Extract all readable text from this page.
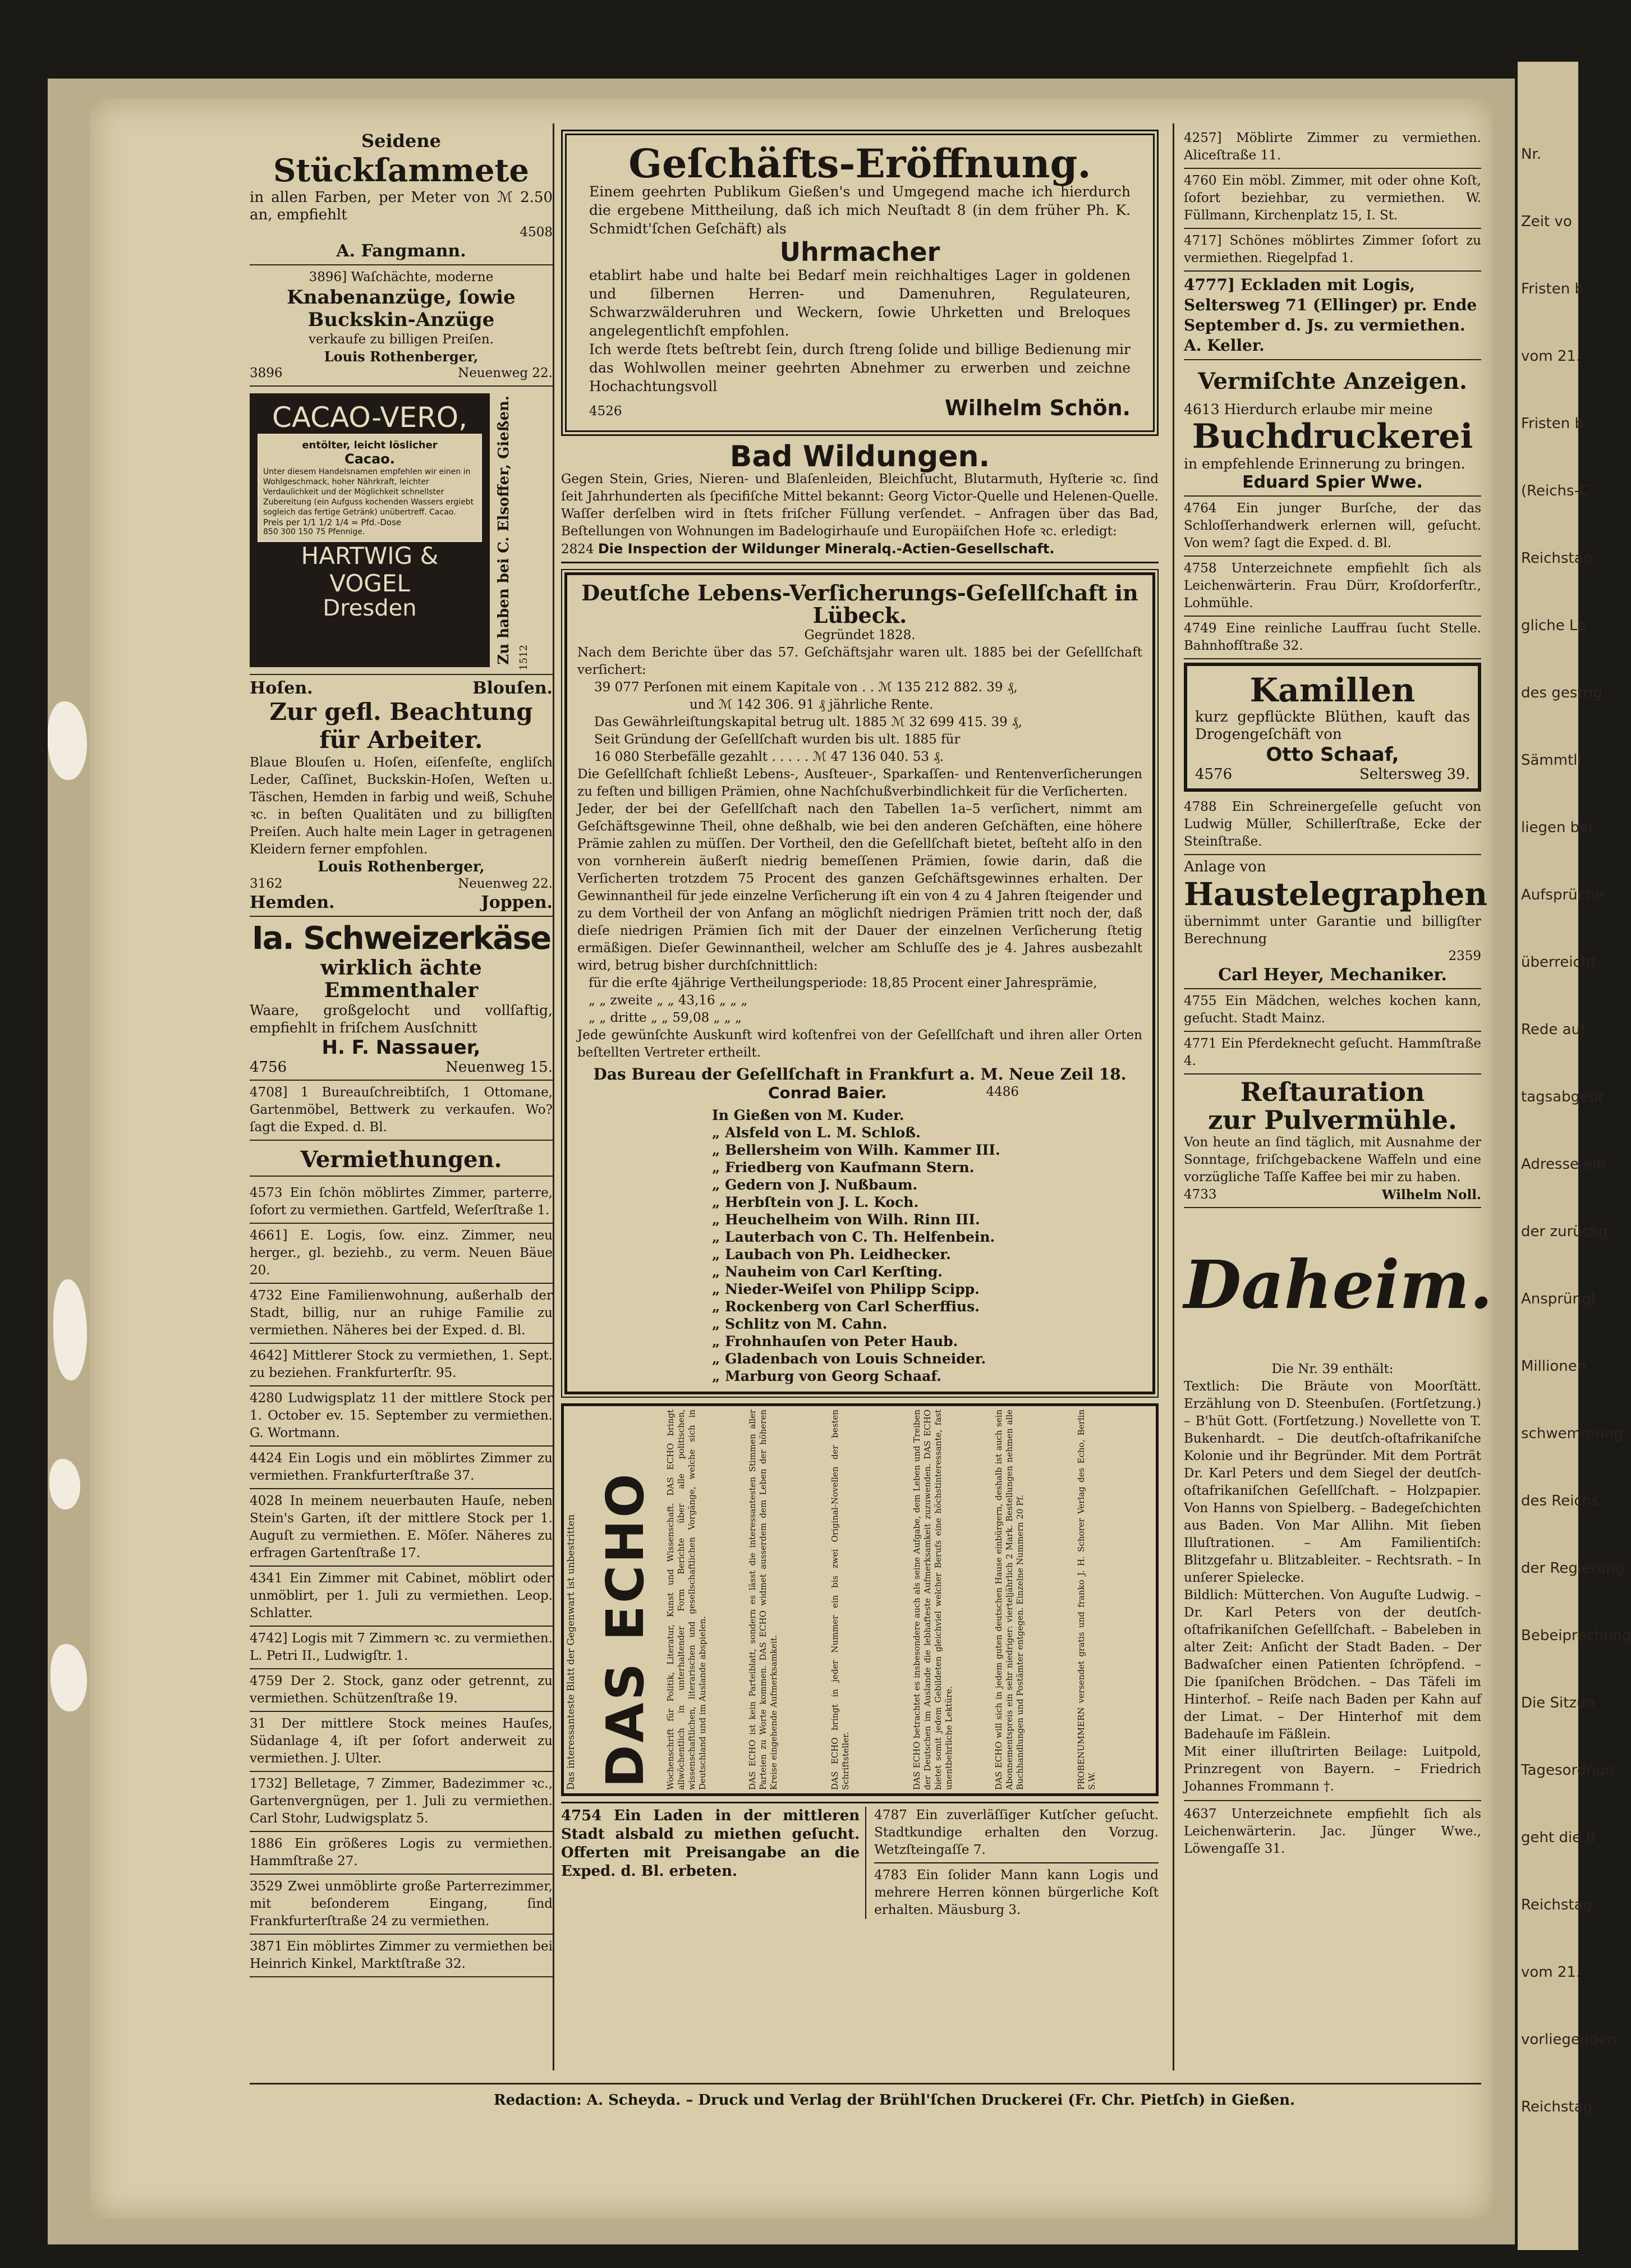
Seidene
Stückſammete
in allen Farben, per Meter von ℳ 2.50 an, empfiehlt
4508
A. Fangmann.
3896] Waſchächte, moderne
Knabenanzüge, ſowie
Buckskin-Anzüge
verkaufe zu billigen Preiſen.
Louis Rothenberger,
3896	Neuenweg 22.
CACAO-VERO,
entölter, leicht löslicher
Cacao.
Unter diesem Handelsnamen empfehlen wir einen in Wohlgeschmack, hoher Nährkraft, leichter Verdaulichkeit und der Möglichkeit schnellster Zubereitung (ein Aufguss kochenden Wassers ergiebt sogleich das fertige Getränk) unübertreff. Cacao.
Preis per 1/1 1/2 1/4 = Pfd.-Dose
850 300 150 75 Pfennige.
HARTWIG & VOGEL
Dresden	Zu haben bei C. Elsoffer, Gießen. 1512
Hoſen.	Blouſen.
Zur gefl. Beachtung
für Arbeiter.
Blaue Blouſen u. Hoſen, eiſenfeſte, engliſch Leder, Caſſinet, Buckskin-Hoſen, Weſten u. Täschen, Hemden in farbig und weiß, Schuhe ꝛc. in beſten Qualitäten und zu billigſten Preiſen. Auch halte mein Lager in getragenen Kleidern ferner empfohlen.
Louis Rothenberger,
3162	Neuenweg 22.
Hemden.	Joppen.
Ia. Schweizerkäse
wirklich ächte Emmenthaler
Waare, großgelocht und vollſaftig, empfiehlt in friſchem Ausſchnitt
H. F. Nassauer,
4756	Neuenweg 15.
4708] 1 Bureauſchreibtiſch, 1 Ottomane, Gartenmöbel, Bettwerk zu verkaufen. Wo? ſagt die Exped. d. Bl.
Vermiethungen.
4573 Ein ſchön möblirtes Zimmer, parterre, ſofort zu vermiethen. Gartfeld, Weſerſtraße 1.
4661] E. Logis, ſow. einz. Zimmer, neu herger., gl. beziehb., zu verm. Neuen Bäue 20.
4732 Eine Familienwohnung, außerhalb der Stadt, billig, nur an ruhige Familie zu vermiethen. Näheres bei der Exped. d. Bl.
4642] Mittlerer Stock zu vermiethen, 1. Sept. zu beziehen. Frankfurterſtr. 95.
4280 Ludwigsplatz 11 der mittlere Stock per 1. October ev. 15. September zu vermiethen. G. Wortmann.
4424 Ein Logis und ein möblirtes Zimmer zu vermiethen. Frankfurterſtraße 37.
4028 In meinem neuerbauten Hauſe, neben Stein's Garten, iſt der mittlere Stock per 1. Auguſt zu vermiethen. E. Möſer. Näheres zu erfragen Gartenſtraße 17.
4341 Ein Zimmer mit Cabinet, möblirt oder unmöblirt, per 1. Juli zu vermiethen. Leop. Schlatter.
4742] Logis mit 7 Zimmern ꝛc. zu vermiethen. L. Petri II., Ludwigſtr. 1.
4759 Der 2. Stock, ganz oder getrennt, zu vermiethen. Schützenſtraße 19.
31 Der mittlere Stock meines Hauſes, Südanlage 4, iſt per ſofort anderweit zu vermiethen. J. Ulter.
1732] Belletage, 7 Zimmer, Badezimmer ꝛc., Gartenvergnügen, per 1. Juli zu vermiethen. Carl Stohr, Ludwigsplatz 5.
1886 Ein größeres Logis zu vermiethen. Hammſtraße 27.
3529 Zwei unmöblirte große Parterrezimmer, mit beſonderem Eingang, ſind Frankfurterſtraße 24 zu vermiethen.
3871 Ein möblirtes Zimmer zu vermiethen bei Heinrich Kinkel, Marktſtraße 32.
Geſchäfts-Eröffnung.
Einem geehrten Publikum Gießen's und Umgegend mache ich hierdurch die ergebene Mittheilung, daß ich mich Neuſtadt 8 (in dem früher Ph. K. Schmidt'ſchen Geſchäft) als
Uhrmacher
etablirt habe und halte bei Bedarf mein reichhaltiges Lager in goldenen und ſilbernen Herren- und Damenuhren, Regulateuren, Schwarzwälderuhren und Weckern, ſowie Uhrketten und Breloques angelegentlichſt empfohlen.
Ich werde ſtets beſtrebt ſein, durch ſtreng ſolide und billige Bedienung mir das Wohlwollen meiner geehrten Abnehmer zu erwerben und zeichne Hochachtungsvoll
4526	Wilhelm Schön.
Bad Wildungen.
Gegen Stein, Gries, Nieren- und Blaſenleiden, Bleichſucht, Blutarmuth, Hyſterie ꝛc. ſind ſeit Jahrhunderten als ſpecifiſche Mittel bekannt: Georg Victor-Quelle und Helenen-Quelle. Waſſer derſelben wird in ſtets friſcher Füllung verſendet. – Anfragen über das Bad, Beſtellungen von Wohnungen im Badelogirhauſe und Europäiſchen Hofe ꝛc. erledigt:
2824 Die Inspection der Wildunger Mineralq.-Actien-Gesellschaft.
Deutſche Lebens-Verſicherungs-Geſellſchaft in Lübeck.
Gegründet 1828.
Nach dem Berichte über das 57. Geſchäftsjahr waren ult. 1885 bei der Geſellſchaft verſichert:
39 077 Perſonen mit einem Kapitale von . . ℳ 135 212 882. 39 ₰,
und ℳ 142 306. 91 ₰ jährliche Rente.
Das Gewährleiſtungskapital betrug ult. 1885 ℳ 32 699 415. 39 ₰,
Seit Gründung der Geſellſchaft wurden bis ult. 1885 für
16 080 Sterbefälle gezahlt . . . . . ℳ 47 136 040. 53 ₰.
Die Geſellſchaft ſchließt Lebens-, Ausſteuer-, Sparkaſſen- und Rentenverſicherungen zu feſten und billigen Prämien, ohne Nachſchußverbindlichkeit für die Verſicherten.
Jeder, der bei der Geſellſchaft nach den Tabellen 1a–5 verſichert, nimmt am Geſchäftsgewinne Theil, ohne deßhalb, wie bei den anderen Geſchäften, eine höhere Prämie zahlen zu müſſen. Der Vortheil, den die Geſellſchaft bietet, beſteht alſo in den von vornherein äußerſt niedrig bemeſſenen Prämien, ſowie darin, daß die Verſicherten trotzdem 75 Procent des ganzen Geſchäftsgewinnes erhalten. Der Gewinnantheil für jede einzelne Verſicherung iſt ein von 4 zu 4 Jahren ſteigender und zu dem Vortheil der von Anfang an möglichſt niedrigen Prämien tritt noch der, daß dieſe niedrigen Prämien ſich mit der Dauer der einzelnen Verſicherung ſtetig ermäßigen. Dieſer Gewinnantheil, welcher am Schluſſe des je 4. Jahres ausbezahlt wird, betrug bisher durchſchnittlich:
für die erſte 4jährige Vertheilungsperiode: 18,85 Procent einer Jahresprämie,
„ „ zweite „ „ 43,16 „ „ „
„ „ dritte „ „ 59,08 „ „ „
Jede gewünſchte Auskunft wird koſtenfrei von der Geſellſchaft und ihren aller Orten beſtellten Vertreter ertheilt.
Das Bureau der Geſellſchaft in Frankfurt a. M. Neue Zeil 18.
Conrad Baier.	4486
In Gießen von M. Kuder.
„ Alsfeld von L. M. Schloß.
„ Bellersheim von Wilh. Kammer III.
„ Friedberg von Kaufmann Stern.
„ Gedern von J. Nußbaum.
„ Herbſtein von J. L. Koch.
„ Heuchelheim von Wilh. Rinn III.
„ Lauterbach von C. Th. Helfenbein.
„ Laubach von Ph. Leidhecker.
„ Nauheim von Carl Kerſting.
„ Nieder-Weiſel von Philipp Scipp.
„ Rockenberg von Carl Scherffius.
„ Schlitz von M. Cahn.
„ Frohnhauſen von Peter Haub.
„ Gladenbach von Louis Schneider.
„ Marburg von Georg Schaaf.
Das interessanteste Blatt der Gegenwart ist unbestritten DAS ECHO	Wochenschrift für Politik, Literatur, Kunst und Wissenschaft. DAS ECHO bringt allwöchentlich in unterhaltender Form Berichte über alle politischen, wissenschaftlichen, literarischen und gesellschaftlichen Vorgänge, welche sich in Deutschland und im Auslande abspielen.	DAS ECHO ist kein Parteiblatt, sondern es lässt die interessantesten Stimmen aller Parteien zu Worte kommen. DAS ECHO widmet ausserdem dem Leben der höheren Kreise eingehende Aufmerksamkeit.	DAS ECHO bringt in jeder Nummer ein bis zwei Original-Novellen der besten Schriftsteller.	DAS ECHO betrachtet es insbesondere auch als seine Aufgabe, dem Leben und Treiben der Deutschen im Auslande die lebhafteste Aufmerksamkeit zuzuwenden. DAS ECHO bietet somit jedem Gebildeten gleichviel welcher Berufs eine höchstinteressante, fast unentbehrliche Lektüre.	DAS ECHO will sich in jedem guten deutschen Hause einbürgern, deshalb ist auch sein Abonnementspreis ein sehr niedriger: vierteljährlich 2 Mark. Bestellungen nehmen alle Buchhandlungen und Postämter entgegen. Einzelne Nummern 20 Pf.	PROBENUMMERN versendet gratis und franko J. H. Schorer Verlag des Echo, Berlin S.W.
4754 Ein Laden in der mittleren Stadt alsbald zu miethen geſucht. Offerten mit Preisangabe an die Exped. d. Bl. erbeten.
4787 Ein zuverläſſiger Kutſcher geſucht. Stadtkundige erhalten den Vorzug. Wetzſteingaſſe 7.
4783 Ein ſolider Mann kann Logis und mehrere Herren können bürgerliche Koſt erhalten. Mäusburg 3.
4257] Möblirte Zimmer zu vermiethen. Aliceſtraße 11.
4760 Ein möbl. Zimmer, mit oder ohne Koſt, ſofort beziehbar, zu vermiethen. W. Füllmann, Kirchenplatz 15, I. St.
4717] Schönes möblirtes Zimmer ſofort zu vermiethen. Riegelpfad 1.
4777] Eckladen mit Logis, Seltersweg 71 (Ellinger) pr. Ende September d. Js. zu vermiethen. A. Keller.
Vermiſchte Anzeigen.
4613 Hierdurch erlaube mir meine
Buchdruckerei
in empfehlende Erinnerung zu bringen.
Eduard Spier Wwe.
4764 Ein junger Burſche, der das Schloſſerhandwerk erlernen will, geſucht. Von wem? ſagt die Exped. d. Bl.
4758 Unterzeichnete empfiehlt ſich als Leichenwärterin. Frau Dürr, Kroſdorferſtr., Lohmühle.
4749 Eine reinliche Lauffrau ſucht Stelle. Bahnhofſtraße 32.
Kamillen
kurz gepflückte Blüthen, kauft das Drogengeſchäft von
Otto Schaaf,
4576	Seltersweg 39.
4788 Ein Schreinergeſelle geſucht von Ludwig Müller, Schillerſtraße, Ecke der Steinſtraße.
Anlage von
Haustelegraphen
übernimmt unter Garantie und billigſter Berechnung
2359
Carl Heyer, Mechaniker.
4755 Ein Mädchen, welches kochen kann, geſucht. Stadt Mainz.
4771 Ein Pferdeknecht geſucht. Hammſtraße 4.
Reſtauration
zur Pulvermühle.
Von heute an ſind täglich, mit Ausnahme der Sonntage, friſchgebackene Waffeln und eine vorzügliche Taſſe Kaffee bei mir zu haben.
4733	Wilhelm Noll.
Daheim.
Die Nr. 39 enthält:
Textlich: Die Bräute von Moorſtätt. Erzählung von D. Steenbuſen. (Fortſetzung.) – B'hüt Gott. (Fortſetzung.) Novellette von T. Bukenhardt. – Die deutſch-oſtafrikaniſche Kolonie und ihr Begründer. Mit dem Porträt Dr. Karl Peters und dem Siegel der deutſch-oſtafrikaniſchen Geſellſchaft. – Holzpapier. Von Hanns von Spielberg. – Badegeſchichten aus Baden. Von Mar Allihn. Mit ſieben Illuſtrationen. – Am Familientiſch: Blitzgefahr u. Blitzableiter. – Rechtsrath. – In unſerer Spielecke.
Bildlich: Mütterchen. Von Auguſte Ludwig. – Dr. Karl Peters von der deutſch-oſtafrikaniſchen Geſellſchaft. – Babeleben in alter Zeit: Anſicht der Stadt Baden. – Der Badwaſcher einen Patienten ſchröpfend. – Die ſpaniſchen Brödchen. – Das Täfeli im Hinterhof. – Reiſe nach Baden per Kahn auf der Limat. – Der Hinterhof mit dem Badehauſe im Fäßlein.
Mit einer illuſtrirten Beilage: Luitpold, Prinzregent von Bayern. – Friedrich Johannes Frommann †.
4637 Unterzeichnete empfiehlt ſich als Leichenwärterin. Jac. Jünger Wwe., Löwengaſſe 31.
Redaction: A. Scheyda. – Druck und Verlag der Brühl'ſchen Druckerei (Fr. Chr. Pietſch) in Gießen.
Nr.
Zeit vo
Fristen b
vom 21.
Fristen b
(Reichs-C
Reichstag
gliche Le
des gestrig
Sämmtli
liegen bei
Aufsprüche
überreicht
Rede auf
tagsabgeor
Adresse ein
der zurückg
Ansprüngl
Millionen
schwemmung
des Reichs
der Regierung
Bebeiprechung
Die Sitzun
Tagesordnun
geht die B
Reichstag
vom 21.
vorliegenden
Reichstag
